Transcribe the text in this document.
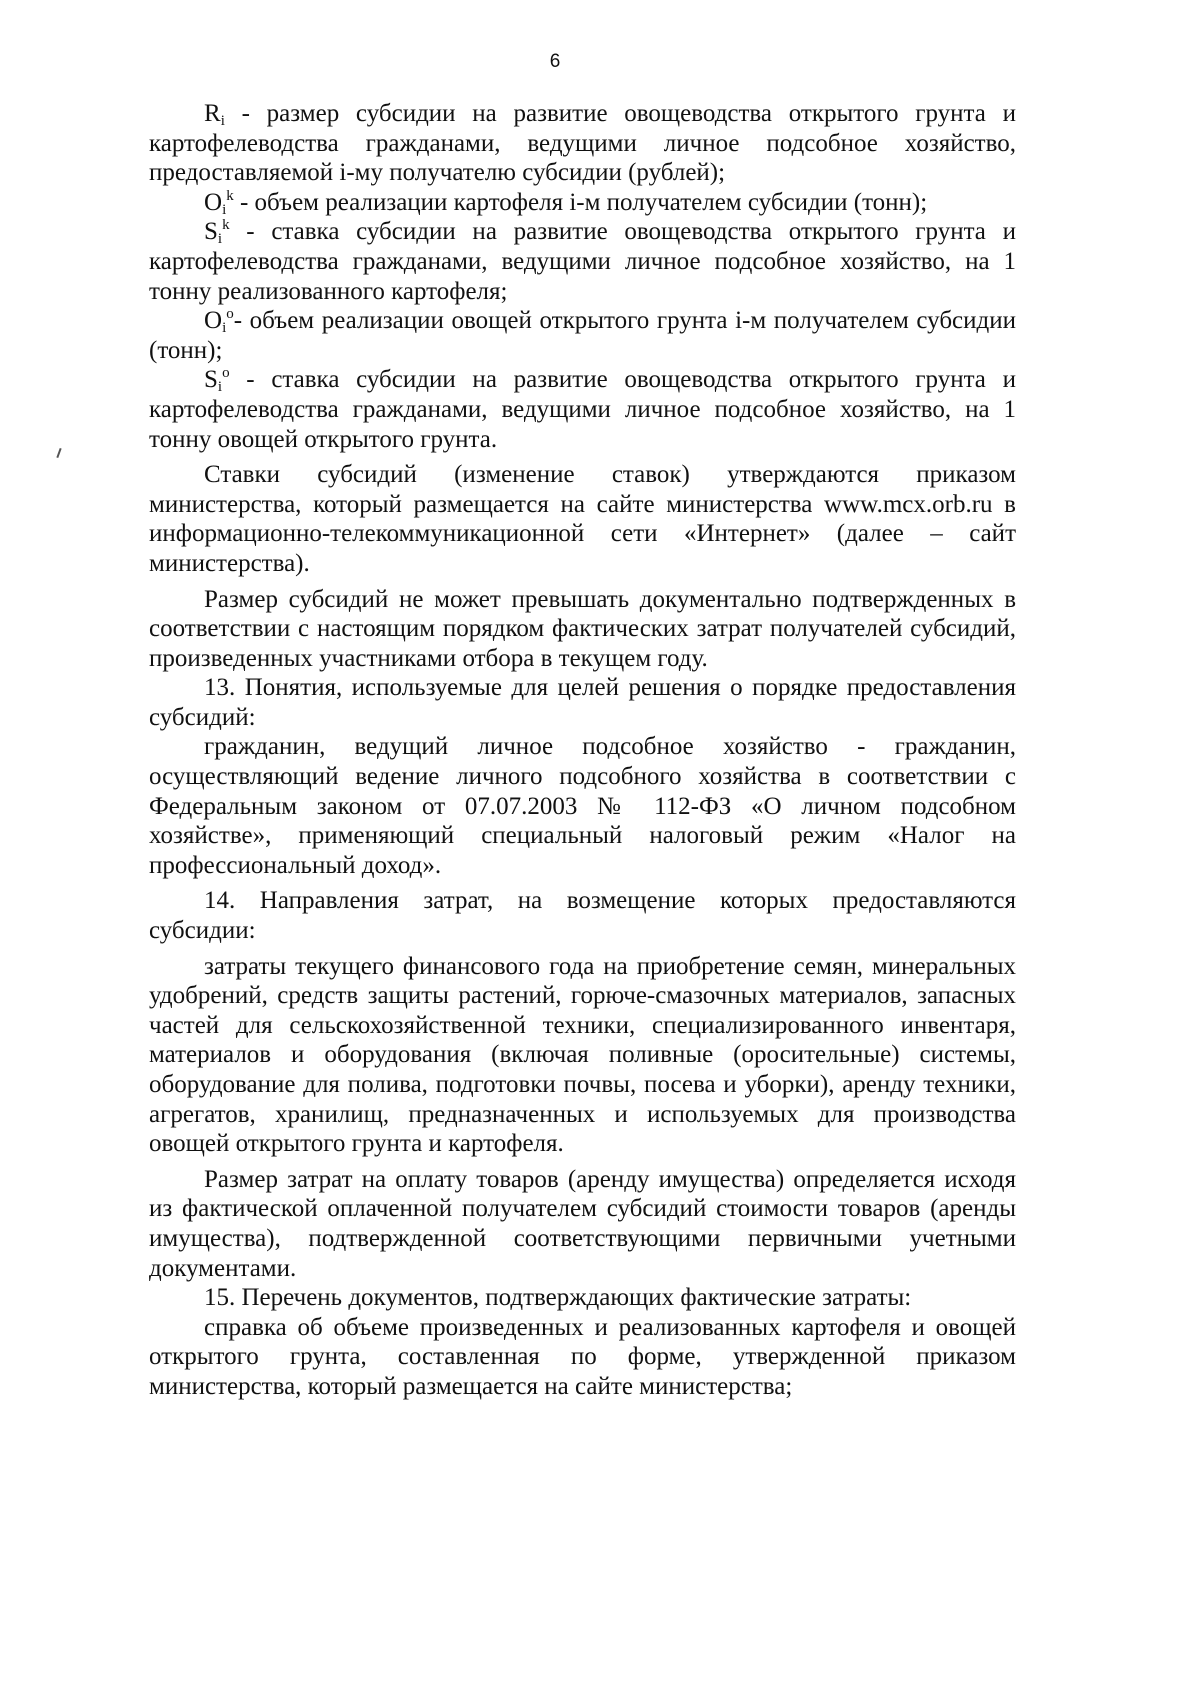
6

Ri - размер субсидии на развитие овощеводства открытого грунта и картофелеводства гражданами, ведущими личное подсобное хозяйство, предоставляемой i-му получателю субсидии (рублей);

Oi$^k$ - объем реализации картофеля i-м получателем субсидии (тонн);

Si$^k$ - ставка субсидии на развитие овощеводства открытого грунта и картофелеводства гражданами, ведущими личное подсобное хозяйство, на 1 тонну реализованного картофеля;

Oi$^o$- объем реализации овощей открытого грунта i-м получателем субсидии (тонн);

Si$^o$ - ставка субсидии на развитие овощеводства открытого грунта и картофелеводства гражданами, ведущими личное подсобное хозяйство, на 1 тонну овощей открытого грунта.

Ставки субсидий (изменение ставок) утверждаются приказом министерства, который размещается на сайте министерства www.mcx.orb.ru в информационно-телекоммуникационной сети «Интернет» (далее – сайт министерства).

Размер субсидий не может превышать документально подтвержденных в соответствии с настоящим порядком фактических затрат получателей субсидий, произведенных участниками отбора в текущем году.

13. Понятия, используемые для целей решения о порядке предоставления субсидий:

гражданин, ведущий личное подсобное хозяйство - гражданин, осуществляющий ведение личного подсобного хозяйства в соответствии с Федеральным законом от 07.07.2003 № 112-ФЗ «О личном подсобном хозяйстве», применяющий специальный налоговый режим «Налог на профессиональный доход».

14. Направления затрат, на возмещение которых предоставляются субсидии:

затраты текущего финансового года на приобретение семян, минеральных удобрений, средств защиты растений, горюче-смазочных материалов, запасных частей для сельскохозяйственной техники, специализированного инвентаря, материалов и оборудования (включая поливные (оросительные) системы, оборудование для полива, подготовки почвы, посева и уборки), аренду техники, агрегатов, хранилищ, предназначенных и используемых для производства овощей открытого грунта и картофеля.

Размер затрат на оплату товаров (аренду имущества) определяется исходя из фактической оплаченной получателем субсидий стоимости товаров (аренды имущества), подтвержденной соответствующими первичными учетными документами.

15. Перечень документов, подтверждающих фактические затраты:

справка об объеме произведенных и реализованных картофеля и овощей открытого грунта, составленная по форме, утвержденной приказом министерства, который размещается на сайте министерства;
